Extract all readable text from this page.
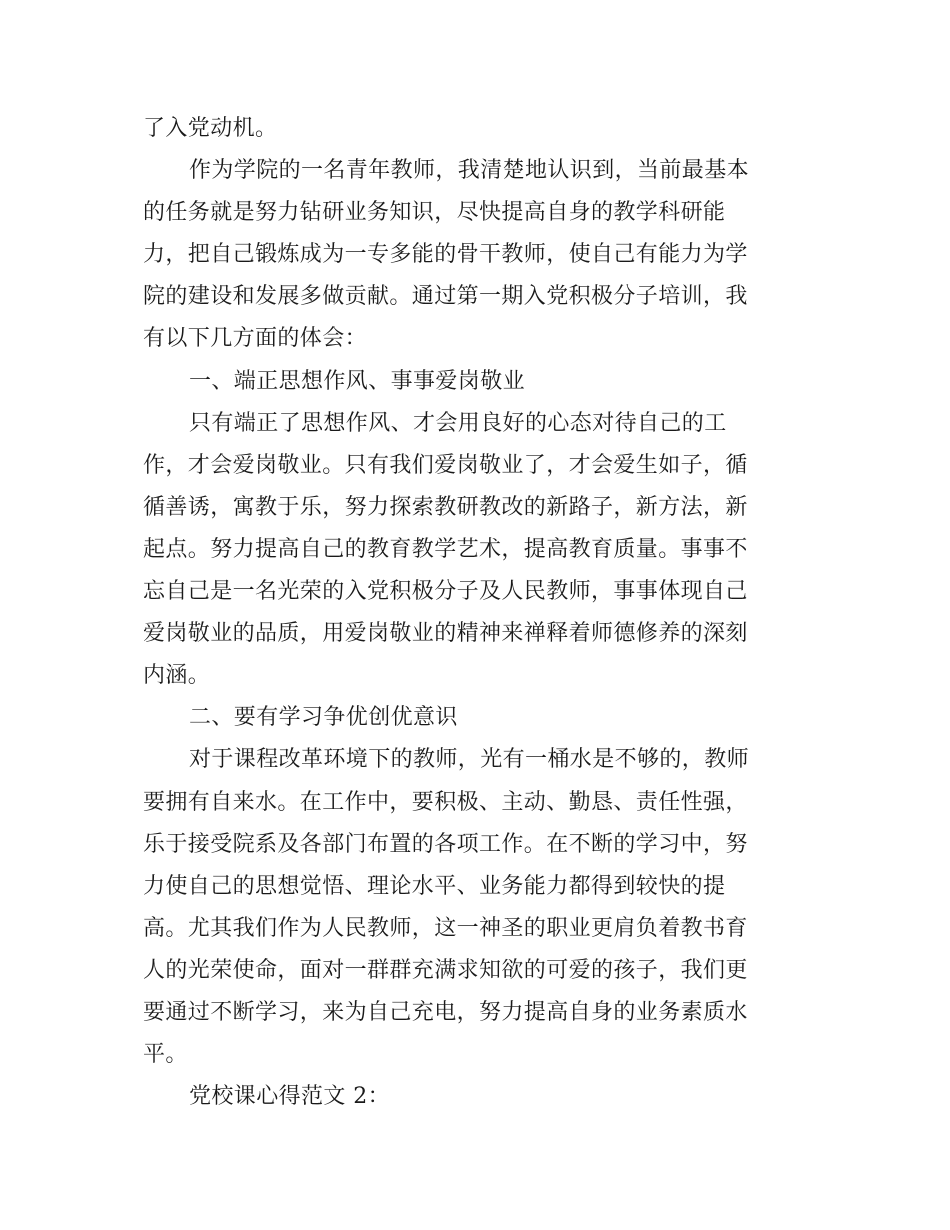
了入党动机。
作为学院的一名青年教师，我清楚地认识到，当前最基本
的任务就是努力钻研业务知识，尽快提高自身的教学科研能
力，把自己锻炼成为一专多能的骨干教师，使自己有能力为学
院的建设和发展多做贡献。通过第一期入党积极分子培训，我
有以下几方面的体会：
一、端正思想作风、事事爱岗敬业
只有端正了思想作风、才会用良好的心态对待自己的工
作，才会爱岗敬业。只有我们爱岗敬业了，才会爱生如子，循
循善诱，寓教于乐，努力探索教研教改的新路子，新方法，新
起点。努力提高自己的教育教学艺术，提高教育质量。事事不
忘自己是一名光荣的入党积极分子及人民教师，事事体现自己
爱岗敬业的品质，用爱岗敬业的精神来禅释着师德修养的深刻
内涵。
二、要有学习争优创优意识
对于课程改革环境下的教师，光有一桶水是不够的，教师
要拥有自来水。在工作中，要积极、主动、勤恳、责任性强，
乐于接受院系及各部门布置的各项工作。在不断的学习中，努
力使自己的思想觉悟、理论水平、业务能力都得到较快的提
高。尤其我们作为人民教师，这一神圣的职业更肩负着教书育
人的光荣使命，面对一群群充满求知欲的可爱的孩子，我们更
要通过不断学习，来为自己充电，努力提高自身的业务素质水
平。
党校课心得范文 2：
